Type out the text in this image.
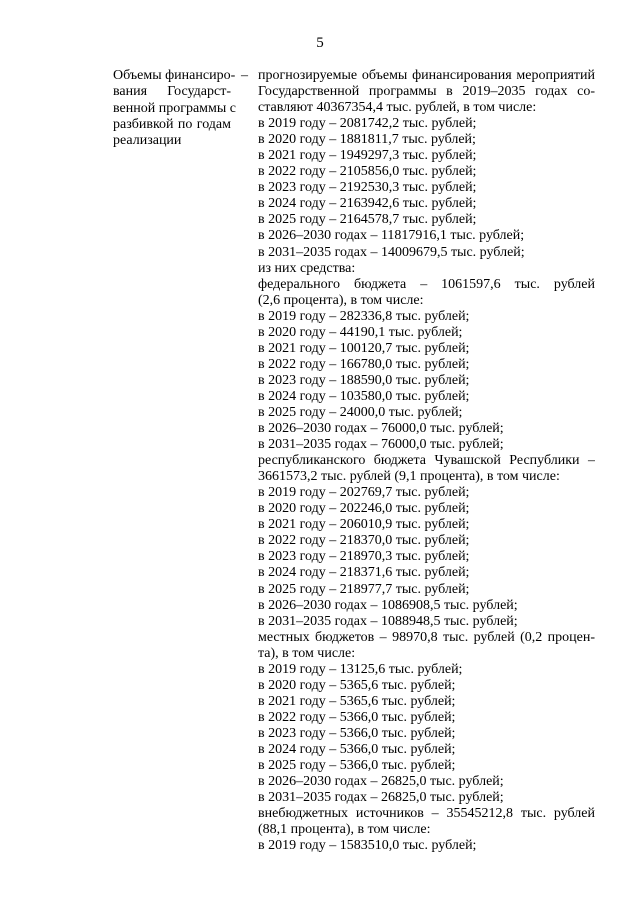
5
Объемы финансиро-
вания Государст-
венной программы с
разбивкой по годам
реализации
– прогнозируемые объемы финансирования мероприятий
Государственной программы в 2019–2035 годах со-
ставляют 40367354,4 тыс. рублей, в том числе:
в 2019 году – 2081742,2 тыс. рублей;
в 2020 году – 1881811,7 тыс. рублей;
в 2021 году – 1949297,3 тыс. рублей;
в 2022 году – 2105856,0 тыс. рублей;
в 2023 году – 2192530,3 тыс. рублей;
в 2024 году – 2163942,6 тыс. рублей;
в 2025 году – 2164578,7 тыс. рублей;
в 2026–2030 годах – 11817916,1 тыс. рублей;
в 2031–2035 годах – 14009679,5 тыс. рублей;
из них средства:
федерального бюджета – 1061597,6 тыс. рублей
(2,6 процента), в том числе:
в 2019 году – 282336,8 тыс. рублей;
в 2020 году – 44190,1 тыс. рублей;
в 2021 году – 100120,7 тыс. рублей;
в 2022 году – 166780,0 тыс. рублей;
в 2023 году – 188590,0 тыс. рублей;
в 2024 году – 103580,0 тыс. рублей;
в 2025 году – 24000,0 тыс. рублей;
в 2026–2030 годах – 76000,0 тыс. рублей;
в 2031–2035 годах – 76000,0 тыс. рублей;
республиканского бюджета Чувашской Республики –
3661573,2 тыс. рублей (9,1 процента), в том числе:
в 2019 году – 202769,7 тыс. рублей;
в 2020 году – 202246,0 тыс. рублей;
в 2021 году – 206010,9 тыс. рублей;
в 2022 году – 218370,0 тыс. рублей;
в 2023 году – 218970,3 тыс. рублей;
в 2024 году – 218371,6 тыс. рублей;
в 2025 году – 218977,7 тыс. рублей;
в 2026–2030 годах – 1086908,5 тыс. рублей;
в 2031–2035 годах – 1088948,5 тыс. рублей;
местных бюджетов – 98970,8 тыс. рублей (0,2 процен-
та), в том числе:
в 2019 году – 13125,6 тыс. рублей;
в 2020 году – 5365,6 тыс. рублей;
в 2021 году – 5365,6 тыс. рублей;
в 2022 году – 5366,0 тыс. рублей;
в 2023 году – 5366,0 тыс. рублей;
в 2024 году – 5366,0 тыс. рублей;
в 2025 году – 5366,0 тыс. рублей;
в 2026–2030 годах – 26825,0 тыс. рублей;
в 2031–2035 годах – 26825,0 тыс. рублей;
внебюджетных источников – 35545212,8 тыс. рублей
(88,1 процента), в том числе:
в 2019 году – 1583510,0 тыс. рублей;
